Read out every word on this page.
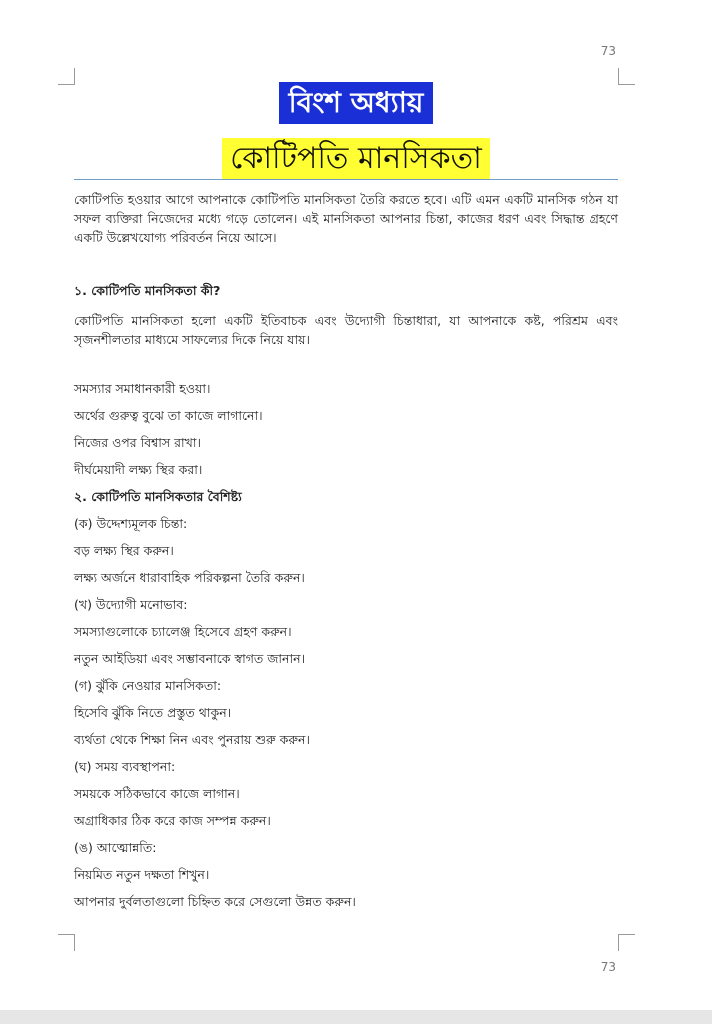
73
বিংশ অধ্যায়
কোটিপতি মানসিকতা

কোটিপতি হওয়ার আগে আপনাকে কোটিপতি মানসিকতা তৈরি করতে হবে। এটি এমন একটি মানসিক গঠন যা সফল ব্যক্তিরা নিজেদের মধ্যে গড়ে তোলেন। এই মানসিকতা আপনার চিন্তা, কাজের ধরণ এবং সিদ্ধান্ত গ্রহণে একটি উল্লেখযোগ্য পরিবর্তন নিয়ে আসে।

১. কোটিপতি মানসিকতা কী?

কোটিপতি মানসিকতা হলো একটি ইতিবাচক এবং উদ্যোগী চিন্তাধারা, যা আপনাকে কষ্ট, পরিশ্রম এবং সৃজনশীলতার মাধ্যমে সাফল্যের দিকে নিয়ে যায়।

সমস্যার সমাধানকারী হওয়া।

অর্থের গুরুত্ব বুঝে তা কাজে লাগানো।

নিজের ওপর বিশ্বাস রাখা।

দীর্ঘমেয়াদী লক্ষ্য স্থির করা।

২. কোটিপতি মানসিকতার বৈশিষ্ট্য

(ক) উদ্দেশ্যমূলক চিন্তা:

বড় লক্ষ্য স্থির করুন।

লক্ষ্য অর্জনে ধারাবাহিক পরিকল্পনা তৈরি করুন।

(খ) উদ্যোগী মনোভাব:

সমস্যাগুলোকে চ্যালেঞ্জ হিসেবে গ্রহণ করুন।

নতুন আইডিয়া এবং সম্ভাবনাকে স্বাগত জানান।

(গ) ঝুঁকি নেওয়ার মানসিকতা:

হিসেবি ঝুঁকি নিতে প্রস্তুত থাকুন।

ব্যর্থতা থেকে শিক্ষা নিন এবং পুনরায় শুরু করুন।

(ঘ) সময় ব্যবস্থাপনা:

সময়কে সঠিকভাবে কাজে লাগান।

অগ্রাধিকার ঠিক করে কাজ সম্পন্ন করুন।

(ঙ) আত্মোন্নতি:

নিয়মিত নতুন দক্ষতা শিখুন।

আপনার দুর্বলতাগুলো চিহ্নিত করে সেগুলো উন্নত করুন।

73
